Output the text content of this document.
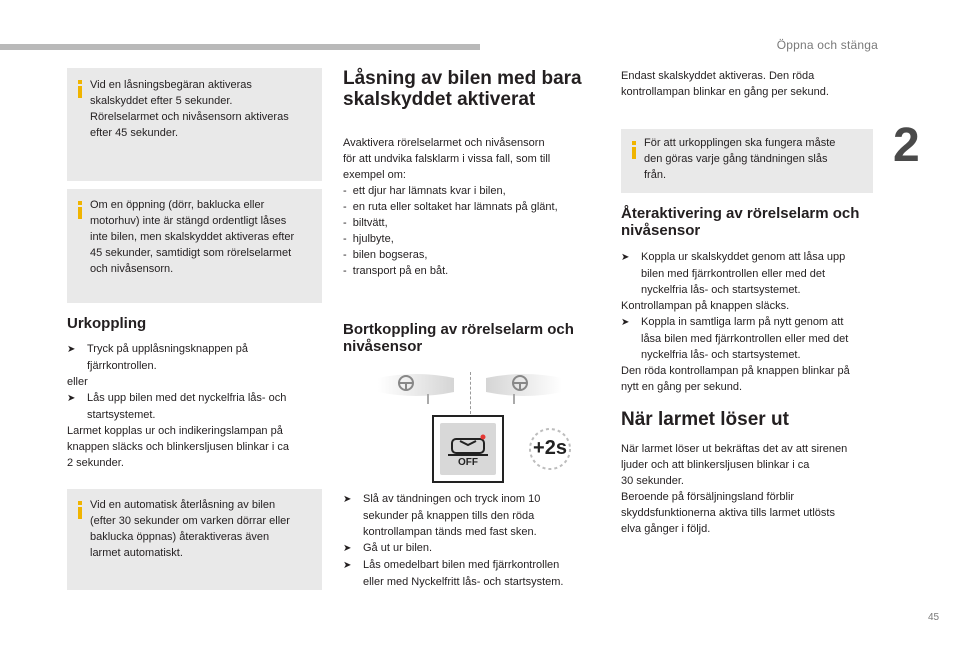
Öppna och stänga
2
45
Vid en låsningsbegäran aktiveras
skalskyddet efter 5 sekunder.
Rörelselarmet och nivåsensorn aktiveras
efter 45 sekunder.
Om en öppning (dörr, baklucka eller
motorhuv) inte är stängd ordentligt låses
inte bilen, men skalskyddet aktiveras efter
45 sekunder, samtidigt som rörelselarmet
och nivåsensorn.
Urkoppling

➤ Tryck på upplåsningsknappen på
fjärrkontrollen.

eller

➤ Lås upp bilen med det nyckelfria lås- och
startsystemet.

Larmet kopplas ur och indikeringslampan på

knappen släcks och blinkersljusen blinkar i ca

2 sekunder.

Vid en automatisk återlåsning av bilen
(efter 30 sekunder om varken dörrar eller
baklucka öppnas) återaktiveras även
larmet automatiskt.
Låsning av bilen med bara
skalskyddet aktiverat

Avaktivera rörelselarmet och nivåsensorn

för att undvika falsklarm i vissa fall, som till

exempel om:

-  ett djur har lämnats kvar i bilen,

-  en ruta eller soltaket har lämnats på glänt,

-  biltvätt,

-  hjulbyte,

-  bilen bogseras,

-  transport på en båt.

Bortkoppling av rörelselarm och
nivåsensor
OFF
+2s

➤ Slå av tändningen och tryck inom 10
sekunder på knappen tills den röda
kontrollampan tänds med fast sken.

➤ Gå ut ur bilen.

➤ Lås omedelbart bilen med fjärrkontrollen
eller med Nyckelfritt lås- och startsystem.

Endast skalskyddet aktiveras. Den röda

kontrollampan blinkar en gång per sekund.

För att urkopplingen ska fungera måste
den göras varje gång tändningen slås
från.
Återaktivering av rörelselarm och
nivåsensor

➤ Koppla ur skalskyddet genom att låsa upp
bilen med fjärrkontrollen eller med det
nyckelfria lås- och startsystemet.

Kontrollampan på knappen släcks.

➤ Koppla in samtliga larm på nytt genom att
låsa bilen med fjärrkontrollen eller med det
nyckelfria lås- och startsystemet.

Den röda kontrollampan på knappen blinkar på

nytt en gång per sekund.

När larmet löser ut

När larmet löser ut bekräftas det av att sirenen

ljuder och att blinkersljusen blinkar i ca

30 sekunder.

Beroende på försäljningsland förblir

skyddsfunktionerna aktiva tills larmet utlösts

elva gånger i följd.
